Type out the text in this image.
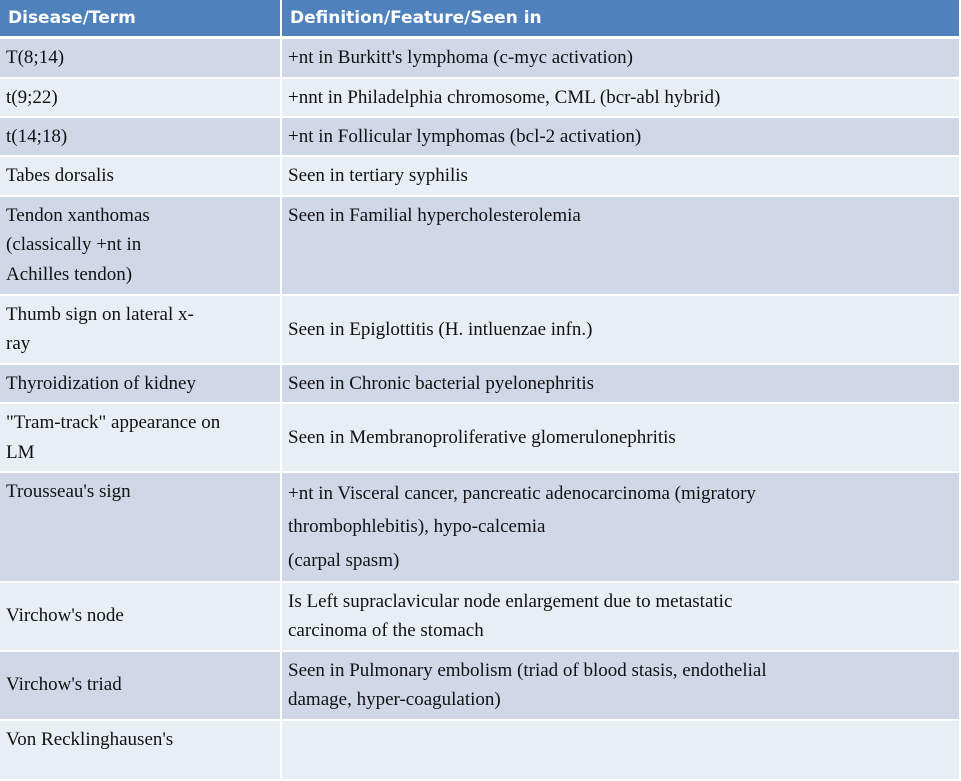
Disease/Term	Definition/Feature/Seen in
T(8;14)	+nt in Burkitt's lymphoma (c-myc activation)
t(9;22)	+nnt in Philadelphia chromosome, CML (bcr-abl hybrid)
t(14;18)	+nt in Follicular lymphomas (bcl-2 activation)
Tabes dorsalis	Seen in tertiary syphilis
Tendon xanthomas
(classically +nt in
Achilles tendon)	Seen in Familial hypercholesterolemia
Thumb sign on lateral x-
ray	Seen in Epiglottitis (H. intluenzae infn.)
Thyroidization of kidney	Seen in Chronic bacterial pyelonephritis
"Tram-track" appearance on
LM	Seen in Membranoproliferative glomerulonephritis
Trousseau's sign	+nt in Visceral cancer, pancreatic adenocarcinoma (migratory
thrombophlebitis), hypo-calcemia
(carpal spasm)
Virchow's node	Is Left supraclavicular node enlargement due to metastatic
carcinoma of the stomach
Virchow's triad	Seen in Pulmonary embolism (triad of blood stasis, endothelial
damage, hyper-coagulation)
Von Recklinghausen's	
